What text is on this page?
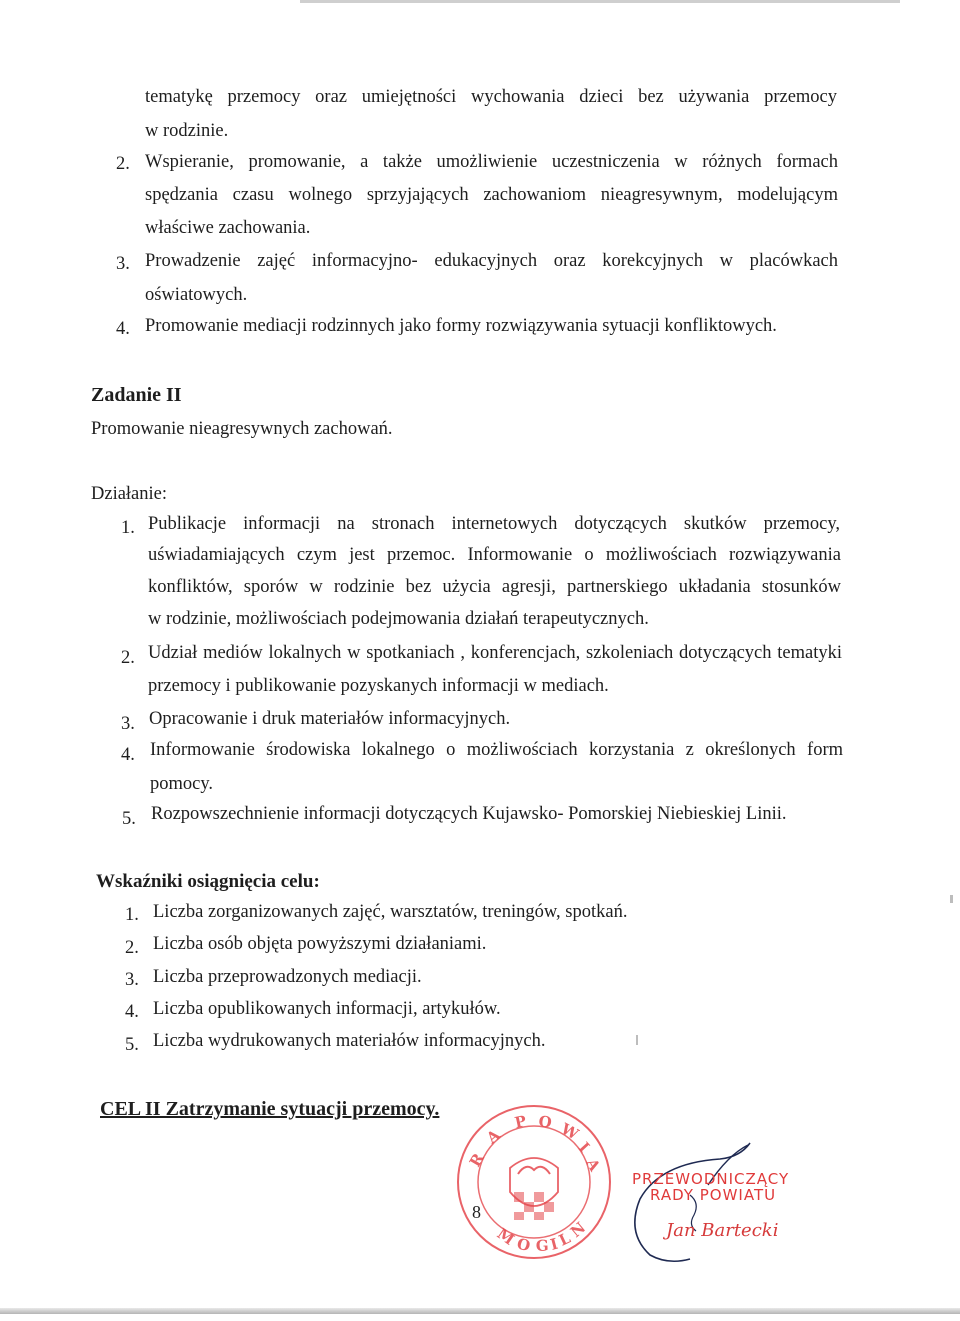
tematykę przemocy oraz umiejętności wychowania dzieci bez używania przemocy
w rodzinie.
2. Wspieranie, promowanie, a także umożliwienie uczestniczenia w różnych formach
spędzania czasu wolnego sprzyjających zachowaniom nieagresywnym, modelującym
właściwe zachowania.
3. Prowadzenie zajęć informacyjno- edukacyjnych oraz korekcyjnych w placówkach
oświatowych.
4. Promowanie mediacji rodzinnych jako formy rozwiązywania sytuacji konfliktowych.
Zadanie II
Promowanie nieagresywnych zachowań.
Działanie:
1. Publikacje informacji na stronach internetowych dotyczących skutków przemocy,
uświadamiających czym jest przemoc. Informowanie o możliwościach rozwiązywania
konfliktów, sporów w rodzinie bez użycia agresji, partnerskiego układania stosunków
w rodzinie, możliwościach podejmowania działań terapeutycznych.
2. Udział mediów lokalnych w spotkaniach , konferencjach, szkoleniach dotyczących tematyki
przemocy i publikowanie pozyskanych informacji w mediach.
3. Opracowanie i druk materiałów informacyjnych.
4. Informowanie środowiska lokalnego o możliwościach korzystania z określonych form
pomocy.
5. Rozpowszechnienie informacji dotyczących Kujawsko- Pomorskiej Niebieskiej Linii.
Wskaźniki osiągnięcia celu:
1. Liczba zorganizowanych zajęć, warsztatów, treningów, spotkań.
2. Liczba osób objęta powyższymi działaniami.
3. Liczba przeprowadzonych mediacji.
4. Liczba opublikowanych informacji, artykułów.
5. Liczba wydrukowanych materiałów informacyjnych.
CEL II Zatrzymanie sytuacji przemocy.
R
A
P O W
I
A
M
O G I
L
N
8
PRZEWODNICZĄCY
RADY POWIATU
Jan Bartecki
